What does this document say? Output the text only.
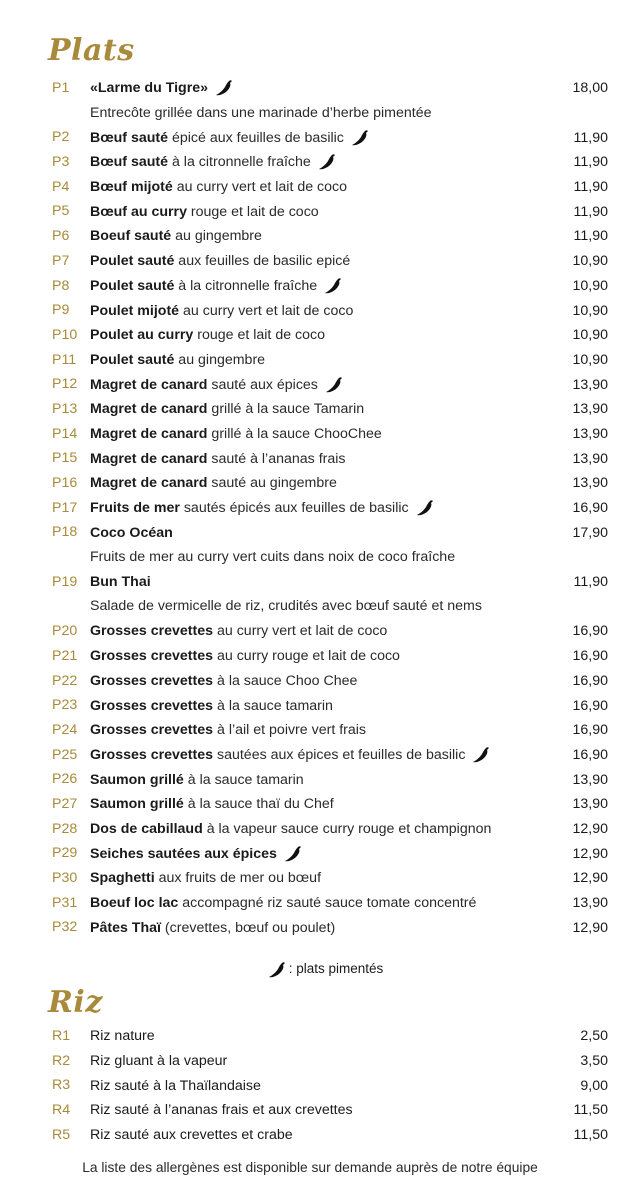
Plats
P1 «Larme du Tigre»	18,00
Entrecôte grillée dans une marinade d’herbe pimentée
P2 Bœuf sauté épicé aux feuilles de basilic	11,90
P3 Bœuf sauté à la citronnelle fraîche	11,90
P4 Bœuf mijoté au curry vert et lait de coco	11,90
P5 Bœuf au curry rouge et lait de coco	11,90
P6 Boeuf sauté au gingembre	11,90
P7 Poulet sauté aux feuilles de basilic epicé	10,90
P8 Poulet sauté à la citronnelle fraîche	10,90
P9 Poulet mijoté au curry vert et lait de coco	10,90
P10 Poulet au curry rouge et lait de coco	10,90
P11 Poulet sauté au gingembre	10,90
P12 Magret de canard sauté aux épices	13,90
P13 Magret de canard grillé à la sauce Tamarin	13,90
P14 Magret de canard grillé à la sauce ChooChee	13,90
P15 Magret de canard sauté à l’ananas frais	13,90
P16 Magret de canard sauté au gingembre	13,90
P17 Fruits de mer sautés épicés aux feuilles de basilic	16,90
P18 Coco Océan	17,90
Fruits de mer au curry vert cuits dans noix de coco fraîche
P19 Bun Thai	11,90
Salade de vermicelle de riz, crudités avec bœuf sauté et nems
P20 Grosses crevettes au curry vert et lait de coco	16,90
P21 Grosses crevettes au curry rouge et lait de coco	16,90
P22 Grosses crevettes à la sauce Choo Chee	16,90
P23 Grosses crevettes à la sauce tamarin	16,90
P24 Grosses crevettes à l’ail et poivre vert frais	16,90
P25 Grosses crevettes sautées aux épices et feuilles de basilic	16,90
P26 Saumon grillé à la sauce tamarin	13,90
P27 Saumon grillé à la sauce thaï du Chef	13,90
P28 Dos de cabillaud à la vapeur sauce curry rouge et champignon	12,90
P29 Seiches sautées aux épices	12,90
P30 Spaghetti aux fruits de mer ou bœuf	12,90
P31 Boeuf loc lac accompagné riz sauté sauce tomate concentré	13,90
P32 Pâtes Thaï (crevettes, bœuf ou poulet)	12,90
: plats pimentés
Riz
R1 Riz nature	2,50
R2 Riz gluant à la vapeur	3,50
R3 Riz sauté à la Thaïlandaise	9,00
R4 Riz sauté à l’ananas frais et aux crevettes	11,50
R5 Riz sauté aux crevettes et crabe	11,50
La liste des allergènes est disponible sur demande auprès de notre équipe
